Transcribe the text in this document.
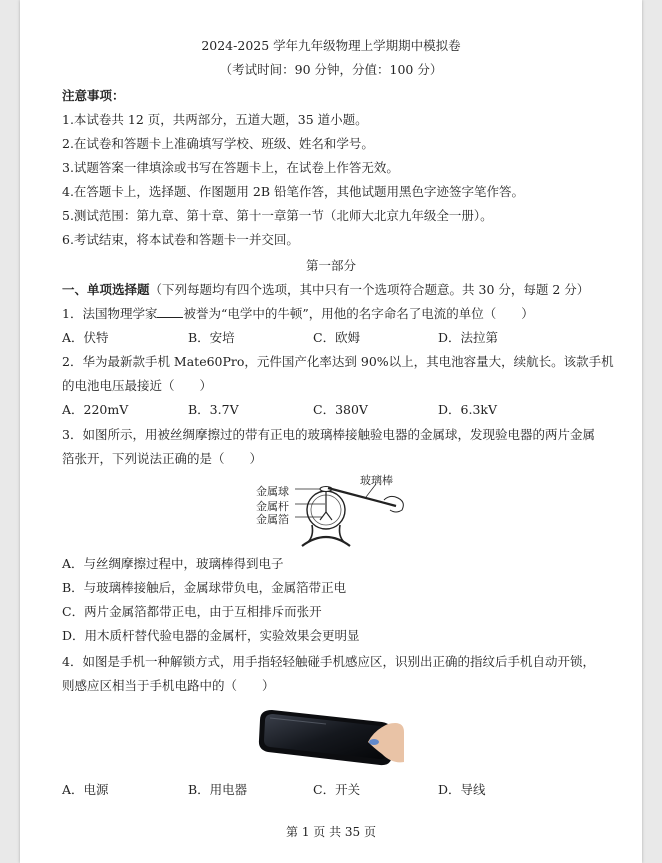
2024-2025 学年九年级物理上学期期中模拟卷
（考试时间：90 分钟，分值：100 分）
注意事项：
1.本试卷共 12 页，共两部分，五道大题，35 道小题。
2.在试卷和答题卡上准确填写学校、班级、姓名和学号。
3.试题答案一律填涂或书写在答题卡上，在试卷上作答无效。
4.在答题卡上，选择题、作图题用 2B 铅笔作答，其他试题用黑色字迹签字笔作答。
5.测试范围：第九章、第十章、第十一章第一节（北师大北京九年级全一册）。
6.考试结束，将本试卷和答题卡一并交回。
第一部分
一、单项选择题（下列每题均有四个选项，其中只有一个选项符合题意。共 30 分，每题 2 分）
1．法国物理学家 被誉为“电学中的牛顿”，用他的名字命名了电流的单位（　　）
A．伏特	B．安培	C．欧姆	D．法拉第
2．华为最新款手机 Mate60Pro，元件国产化率达到 90%以上，其电池容量大，续航长。该款手机
的电池电压最接近（　　）
A．220mV	B．3.7V	C．380V	D．6.3kV
3．如图所示，用被丝绸摩擦过的带有正电的玻璃棒接触验电器的金属球，发现验电器的两片金属
箔张开，下列说法正确的是（　　）
玻璃棒
金属球
金属杆
金属箔
A．与丝绸摩擦过程中，玻璃棒得到电子
B．与玻璃棒接触后，金属球带负电，金属箔带正电
C．两片金属箔都带正电，由于互相排斥而张开
D．用木质杆替代验电器的金属杆，实验效果会更明显
4．如图是手机一种解锁方式，用手指轻轻触碰手机感应区，识别出正确的指纹后手机自动开锁，
则感应区相当于手机电路中的（　　）
A．电源	B．用电器	C．开关	D．导线
第 1 页 共 35 页
